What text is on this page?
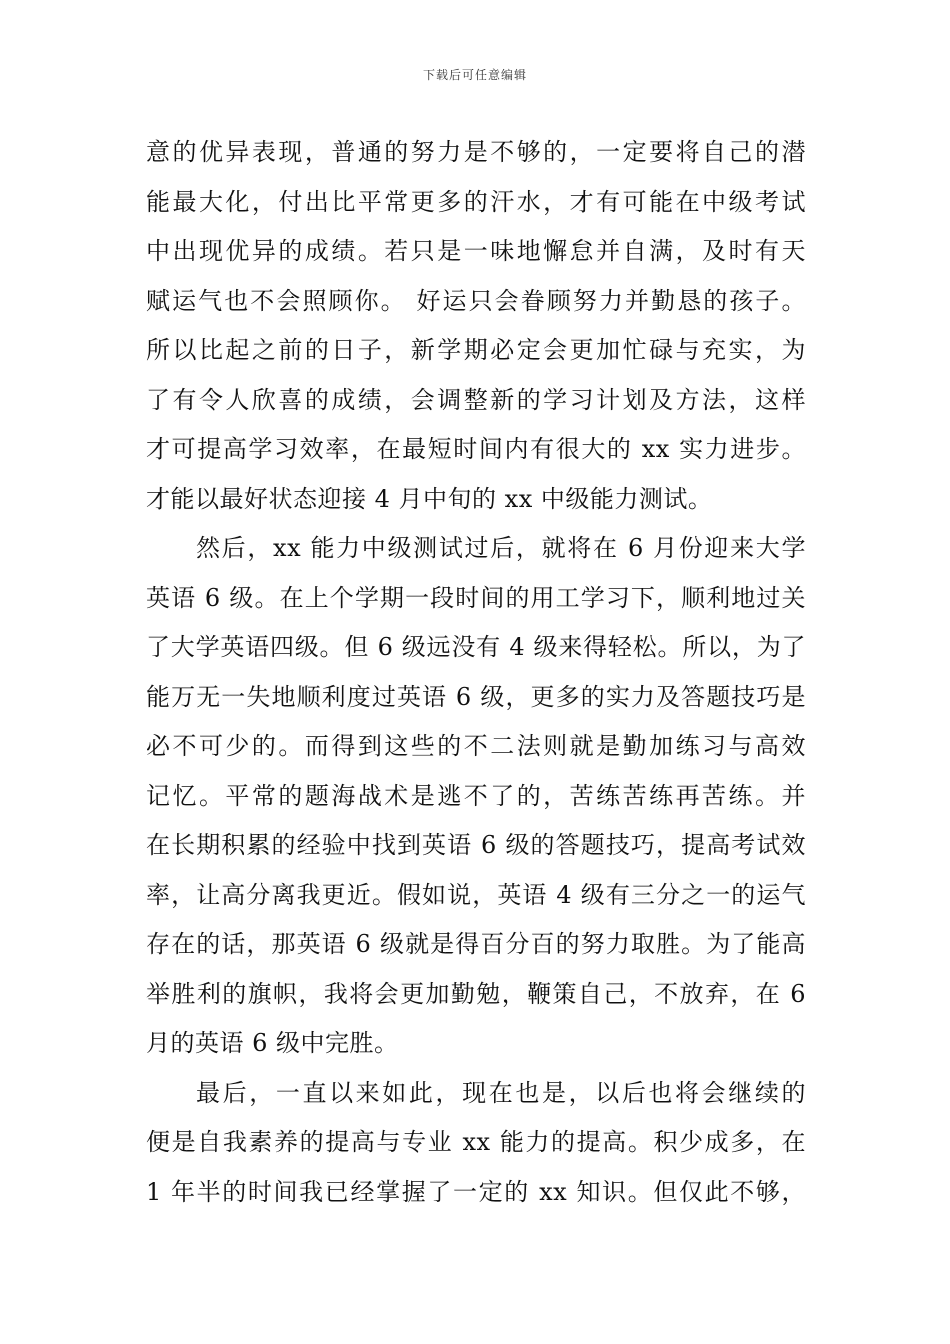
下载后可任意编辑
意的优异表现，普通的努力是不够的，一定要将自己的潜
能最大化，付出比平常更多的汗水，才有可能在中级考试
中出现优异的成绩。若只是一味地懈怠并自满，及时有天
赋运气也不会照顾你。 好运只会眷顾努力并勤恳的孩子。
所以比起之前的日子，新学期必定会更加忙碌与充实，为
了有令人欣喜的成绩，会调整新的学习计划及方法，这样
才可提高学习效率，在最短时间内有很大的 xx 实力进步。
才能以最好状态迎接 4 月中旬的 xx 中级能力测试。
然后，xx 能力中级测试过后，就将在 6 月份迎来大学
英语 6 级。在上个学期一段时间的用工学习下，顺利地过关
了大学英语四级。但 6 级远没有 4 级来得轻松。所以，为了
能万无一失地顺利度过英语 6 级，更多的实力及答题技巧是
必不可少的。而得到这些的不二法则就是勤加练习与高效
记忆。平常的题海战术是逃不了的，苦练苦练再苦练。并
在长期积累的经验中找到英语 6 级的答题技巧，提高考试效
率，让高分离我更近。假如说，英语 4 级有三分之一的运气
存在的话，那英语 6 级就是得百分百的努力取胜。为了能高
举胜利的旗帜，我将会更加勤勉，鞭策自己，不放弃，在 6
月的英语 6 级中完胜。
最后，一直以来如此，现在也是，以后也将会继续的
便是自我素养的提高与专业 xx 能力的提高。积少成多，在
1 年半的时间我已经掌握了一定的 xx 知识。但仅此不够，
